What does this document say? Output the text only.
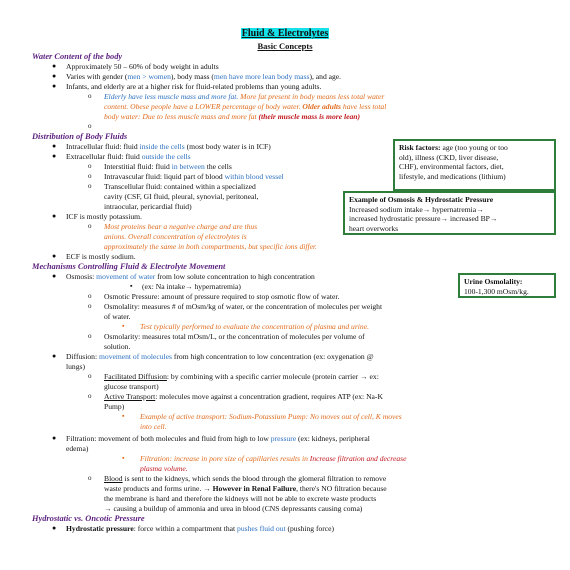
Fluid & Electrolytes
Basic Concepts
Water Content of the body
● Approximately 50 – 60% of body weight in adults
● Varies with gender (men > women), body mass (men have more lean body mass), and age.
● Infants, and elderly are at a higher risk for fluid-related problems than young adults.
o Elderly have less muscle mass and more fat. More fat present in body means less total water
content. Obese people have a LOWER percentage of body water. Older adults have less total
body water: Due to less muscle mass and more fat (their muscle mass is more lean)
o
Distribution of Body Fluids
● Intracellular fluid: fluid inside the cells (most body water is in ICF)
● Extracellular fluid: fluid outside the cells
o Interstitial fluid: fluid in between the cells
o Intravascular fluid: liquid part of blood within blood vessel
o Transcellular fluid: contained within a specialized
cavity (CSF, GI fluid, pleural, synovial, peritoneal,
intraocular, pericardial fluid)
● ICF is mostly potassium.
o Most proteins bear a negative charge and are thus
anions. Overall concentration of electrolytes is
approximately the same in both compartments, but specific ions differ.
● ECF is mostly sodium.
Mechanisms Controlling Fluid & Electrolyte Movement
● Osmosis: movement of water from low solute concentration to high concentration
▪ (ex: Na intake→ hypernatremia)
o Osmotic Pressure: amount of pressure required to stop osmotic flow of water.
o Osmolality: measures # of mOsm/kg of water, or the concentration of molecules per weight
of water.
▪ Test typically performed to evaluate the concentration of plasma and urine.
o Osmolarity: measures total mOsm/L, or the concentration of molecules per volume of
solution.
● Diffusion: movement of molecules from high concentration to low concentration (ex: oxygenation @
lungs)
o Facilitated Diffusion: by combining with a specific carrier molecule (protein carrier → ex:
glucose transport)
o Active Transport: molecules move against a concentration gradient, requires ATP (ex: Na-K
Pump)
▪ Example of active transport: Sodium-Potassium Pump: No moves out of cell, K moves
into cell.
● Filtration: movement of both molecules and fluid from high to low pressure (ex: kidneys, peripheral
edema)
▪ Filtration: increase in pore size of capillaries results in Increase filtration and decrease
plasma volume.
o Blood is sent to the kidneys, which sends the blood through the glomeral filtration to remove
waste products and forms urine. → However in Renal Failure, there's NO filtration because
the membrane is hard and therefore the kidneys will not be able to excrete waste products
→ causing a buildup of ammonia and urea in blood (CNS depressants causing coma)
Hydrostatic vs. Oncotic Pressure
● Hydrostatic pressure: force within a compartment that pushes fluid out (pushing force)
Risk factors: age (too young or too
old), illness (CKD, liver disease,
CHF), environmental factors, diet,
lifestyle, and medications (lithium)
Example of Osmosis & Hydrostatic Pressure
Increased sodium intake→ hypernatremia→
increased hydrostatic pressure→ increased BP→
heart overworks
Urine Osmolality:
100-1,300 mOsm/kg.
